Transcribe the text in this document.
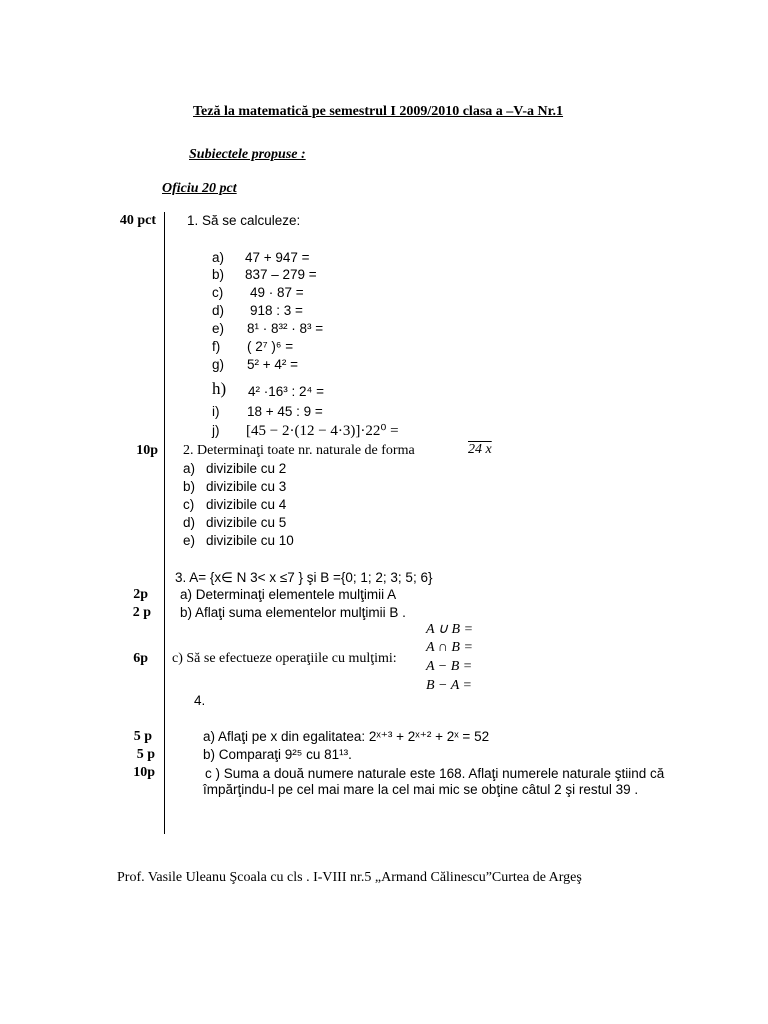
Teză la matematică pe semestrul I 2009/2010 clasa a –V-a Nr.1
Subiectele propuse :
Oficiu 20 pct
40 pct
10p
2p
2 p
6p
5 p
5 p
10p
1. Să se calculeze:
a) 47 + 947 =
b) 837 – 279 =
c) 49 · 87 =
d) 918 : 3 =
e) 8¹ · 8³² · 8³ =
f) ( 2⁷ )⁶ =
g) 5² + 4² =
h) 4² ·16³ : 2⁴ =
i) 18 + 45 : 9 =
j) [45 − 2·(12 − 4·3)]·22⁰ =
2. Determinaţi toate nr. naturale de forma	24 x
a) divizibile cu 2
b) divizibile cu 3
c) divizibile cu 4
d) divizibile cu 5
e) divizibile cu 10
3. A= {x∈ N 3< x ≤7 } şi B ={0; 1; 2; 3; 5; 6}
a) Determinaţi elementele mulţimii A
b) Aflaţi suma elementelor mulţimii B .
c) Să se efectueze operaţiile cu mulţimi:
A ∪ B =
A ∩ B =
A − B =
B − A =
4.
a) Aflaţi pe x din egalitatea: 2ˣ⁺³ + 2ˣ⁺² + 2ˣ = 52
b) Comparaţi 9²⁵ cu 81¹³.
c ) Suma a două numere naturale este 168. Aflaţi numerele naturale ştiind că
împărţindu-l pe cel mai mare la cel mai mic se obţine câtul 2 şi restul 39 .
Prof. Vasile Uleanu Şcoala cu cls . I-VIII nr.5 „Armand Călinescu”Curtea de Argeş
